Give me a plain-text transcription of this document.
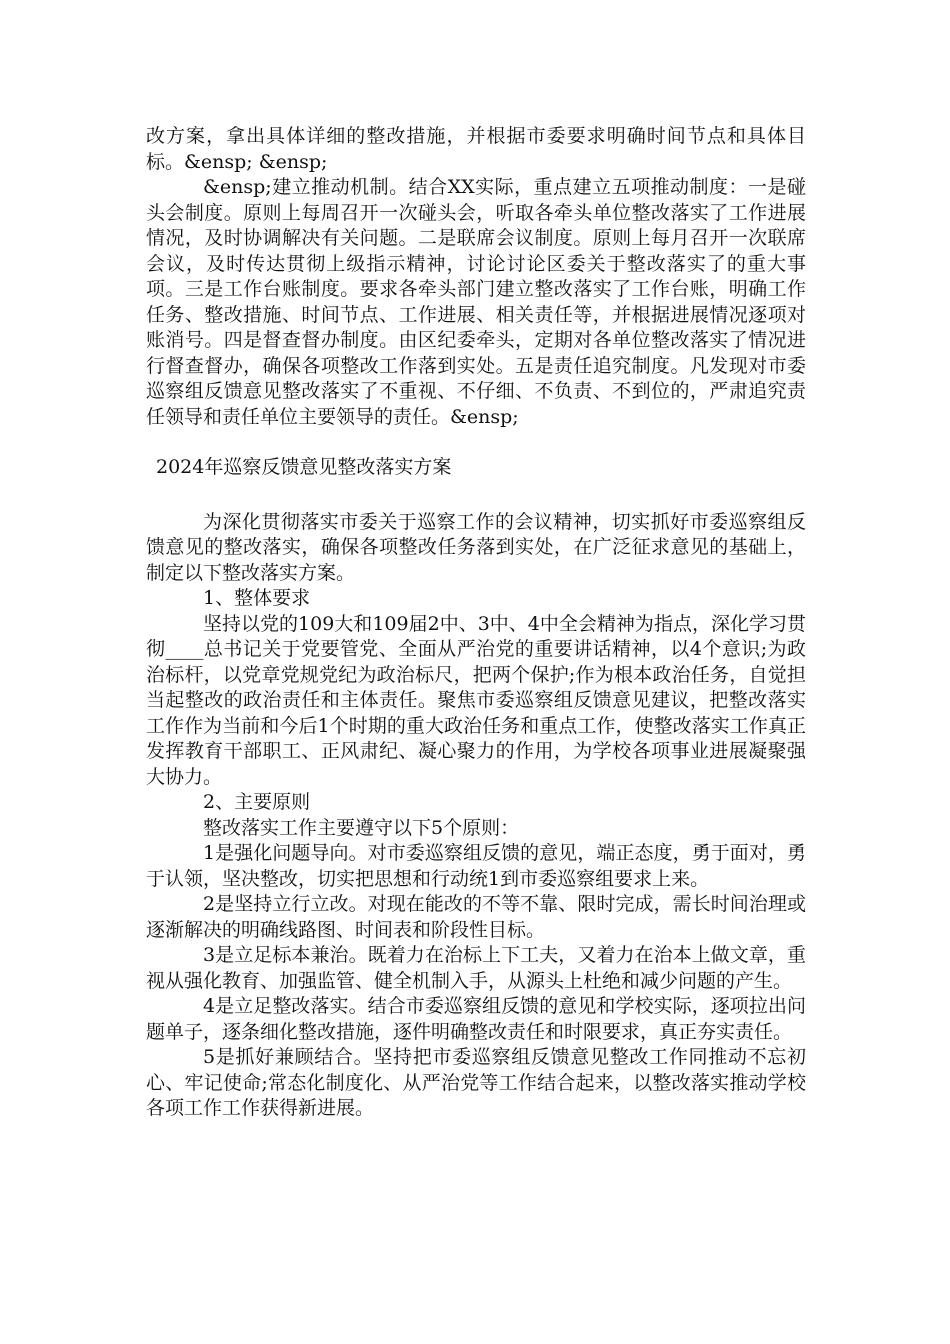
改方案，拿出具体详细的整改措施，并根据市委要求明确时间节点和具体目标。&ensp; &ensp;

&ensp;建立推动机制。结合XX实际，重点建立五项推动制度：一是碰头会制度。原则上每周召开一次碰头会，听取各牵头单位整改落实了工作进展情况，及时协调解决有关问题。二是联席会议制度。原则上每月召开一次联席会议，及时传达贯彻上级指示精神，讨论讨论区委关于整改落实了的重大事项。三是工作台账制度。要求各牵头部门建立整改落实了工作台账，明确工作任务、整改措施、时间节点、工作进展、相关责任等，并根据进展情况逐项对账消号。四是督查督办制度。由区纪委牵头，定期对各单位整改落实了情况进行督查督办，确保各项整改工作落到实处。五是责任追究制度。凡发现对市委巡察组反馈意见整改落实了不重视、不仔细、不负责、不到位的，严肃追究责任领导和责任单位主要领导的责任。&ensp;

2024年巡察反馈意见整改落实方案

为深化贯彻落实市委关于巡察工作的会议精神，切实抓好市委巡察组反馈意见的整改落实，确保各项整改任务落到实处，在广泛征求意见的基础上，制定以下整改落实方案。

1、整体要求

坚持以党的109大和109届2中、3中、4中全会精神为指点，深化学习贯彻____总书记关于党要管党、全面从严治党的重要讲话精神，以4个意识;为政治标杆，以党章党规党纪为政治标尺，把两个保护;作为根本政治任务，自觉担当起整改的政治责任和主体责任。聚焦市委巡察组反馈意见建议，把整改落实工作作为当前和今后1个时期的重大政治任务和重点工作，使整改落实工作真正发挥教育干部职工、正风肃纪、凝心聚力的作用，为学校各项事业进展凝聚强大协力。

2、主要原则

整改落实工作主要遵守以下5个原则：

1是强化问题导向。对市委巡察组反馈的意见，端正态度，勇于面对，勇于认领，坚决整改，切实把思想和行动统1到市委巡察组要求上来。

2是坚持立行立改。对现在能改的不等不靠、限时完成，需长时间治理或逐渐解决的明确线路图、时间表和阶段性目标。

3是立足标本兼治。既着力在治标上下工夫，又着力在治本上做文章，重视从强化教育、加强监管、健全机制入手，从源头上杜绝和减少问题的产生。

4是立足整改落实。结合市委巡察组反馈的意见和学校实际，逐项拉出问题单子，逐条细化整改措施，逐件明确整改责任和时限要求，真正夯实责任。

5是抓好兼顾结合。坚持把市委巡察组反馈意见整改工作同推动不忘初心、牢记使命;常态化制度化、从严治党等工作结合起来，以整改落实推动学校各项工作工作获得新进展。
